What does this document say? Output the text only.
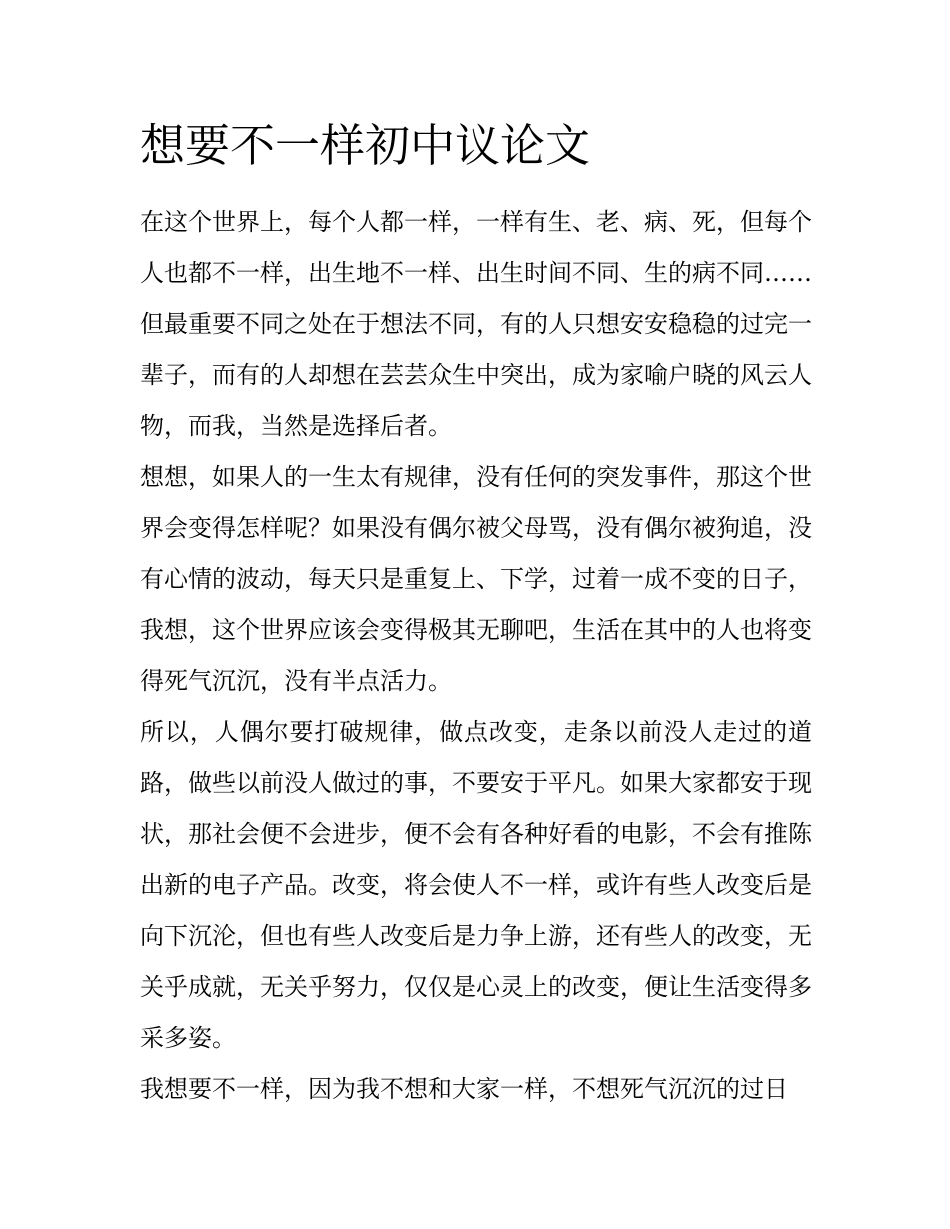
想要不一样初中议论文

在这个世界上，每个人都一样，一样有生、老、病、死，但每个人也都不一样，出生地不一样、出生时间不同、生的病不同……但最重要不同之处在于想法不同，有的人只想安安稳稳的过完一辈子，而有的人却想在芸芸众生中突出，成为家喻户晓的风云人物，而我，当然是选择后者。

想想，如果人的一生太有规律，没有任何的突发事件，那这个世界会变得怎样呢？如果没有偶尔被父母骂，没有偶尔被狗追，没有心情的波动，每天只是重复上、下学，过着一成不变的日子，我想，这个世界应该会变得极其无聊吧，生活在其中的人也将变得死气沉沉，没有半点活力。

所以，人偶尔要打破规律，做点改变，走条以前没人走过的道路，做些以前没人做过的事，不要安于平凡。如果大家都安于现状，那社会便不会进步，便不会有各种好看的电影，不会有推陈出新的电子产品。改变，将会使人不一样，或许有些人改变后是向下沉沦，但也有些人改变后是力争上游，还有些人的改变，无关乎成就，无关乎努力，仅仅是心灵上的改变，便让生活变得多采多姿。

我想要不一样，因为我不想和大家一样，不想死气沉沉的过日
